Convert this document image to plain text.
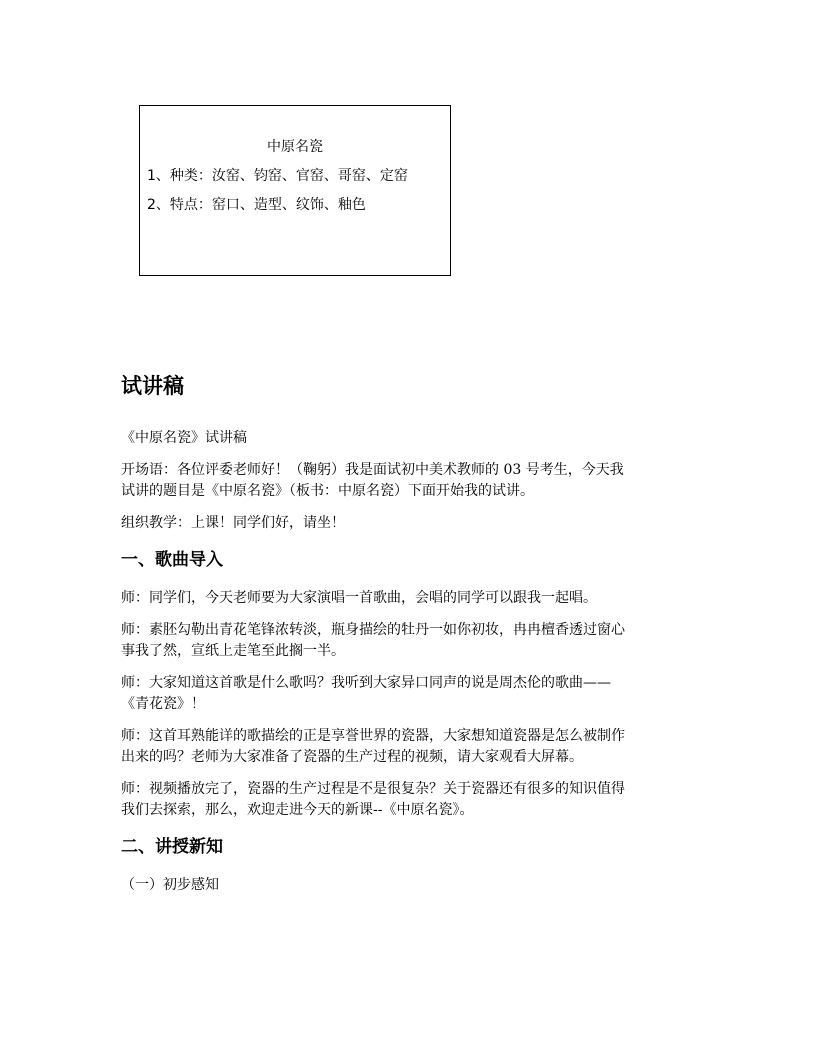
中原名瓷
1、种类：汝窑、钧窑、官窑、哥窑、定窑
2、特点：窑口、造型、纹饰、釉色
试讲稿
《中原名瓷》试讲稿
开场语：各位评委老师好！（鞠躬）我是面试初中美术教师的 03 号考生，今天我
试讲的题目是《中原名瓷》（板书：中原名瓷）下面开始我的试讲。
组织教学：上课！同学们好，请坐！
一、歌曲导入
师：同学们，今天老师要为大家演唱一首歌曲，会唱的同学可以跟我一起唱。
师：素胚勾勒出青花笔锋浓转淡，瓶身描绘的牡丹一如你初妆，冉冉檀香透过窗心
事我了然，宣纸上走笔至此搁一半。
师：大家知道这首歌是什么歌吗？我听到大家异口同声的说是周杰伦的歌曲——
《青花瓷》！
师：这首耳熟能详的歌描绘的正是享誉世界的瓷器，大家想知道瓷器是怎么被制作
出来的吗？老师为大家准备了瓷器的生产过程的视频，请大家观看大屏幕。
师：视频播放完了，瓷器的生产过程是不是很复杂？关于瓷器还有很多的知识值得
我们去探索，那么，欢迎走进今天的新课--《中原名瓷》。
二、讲授新知
（一）初步感知
